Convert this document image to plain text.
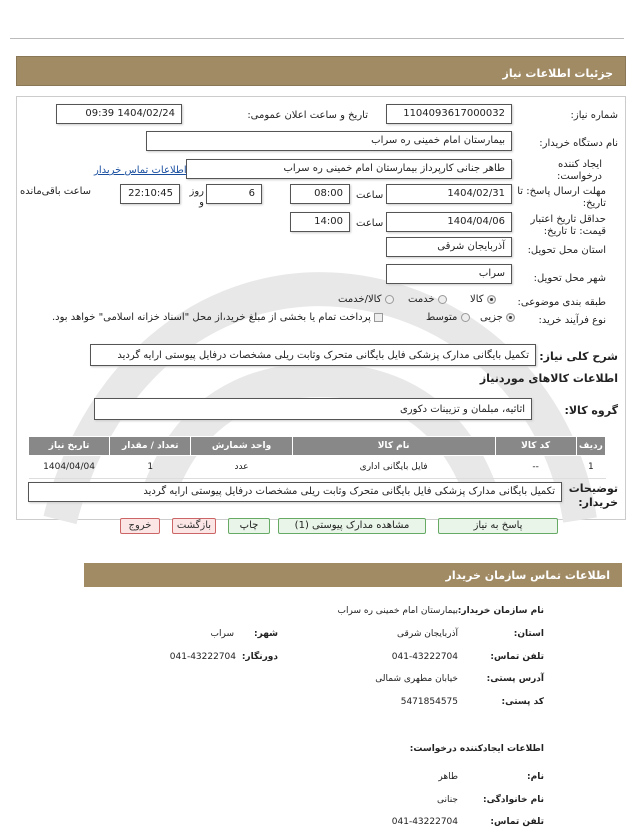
جزئیات اطلاعات نیاز
شماره نیاز:
1104093617000032
تاریخ و ساعت اعلان عمومی:
1404/02/24 09:39
نام دستگاه خریدار:
بیمارستان امام خمینی ره سراب
ایجاد کننده
درخواست:
طاهر جنانی کارپرداز بیمارستان امام خمینی ره سراب
اطلاعات تماس خریدار
مهلت ارسال پاسخ: تا
تاریخ:
1404/02/31
ساعت
08:00
6
روز و
22:10:45
ساعت باقی‌مانده
حداقل تاریخ اعتبار
قیمت: تا تاریخ:
1404/04/06
ساعت
14:00
استان محل تحویل:
آذربایجان شرقی
شهر محل تحویل:
سراب
طبقه بندی موضوعی:
کالا
خدمت
کالا/خدمت
نوع فرآیند خرید:
جزیی
متوسط
پرداخت تمام یا بخشی از مبلغ خرید،از محل "اسناد خزانه اسلامی" خواهد بود.
شرح کلی نیاز:
تکمیل بایگانی مدارک پزشکی فایل بایگانی متحرک وثابت ریلی مشخصات درفایل پیوستی ارایه گردید
اطلاعات کالاهای موردنیاز
گروه کالا:
اثاثیه، مبلمان و تزیینات دکوری
ردیف	کد کالا	نام کالا	واحد شمارش	تعداد / مقدار	تاریخ نیاز
1	--	فایل بایگانی اداری	عدد	1	1404/04/04
توضیحات
خریدار:
تکمیل بایگانی مدارک پزشکی فایل بایگانی متحرک وثابت ریلی مشخصات درفایل پیوستی ارایه گردید
پاسخ به نیاز
مشاهده مدارک پیوستی (1)
چاپ
بازگشت
خروج
اطلاعات تماس سازمان خریدار
نام سازمان خریدار:
بیمارستان امام خمینی ره سراب
استان:
آذربایجان شرقی
شهر:
سراب
تلفن تماس:
041-43222704
دورنگار:
041-43222704
آدرس پستی:
خیابان مطهری شمالی
کد پستی:
5471854575
اطلاعات ایجادکننده درخواست:
نام:
طاهر
نام خانوادگی:
جنانی
تلفن تماس:
041-43222704
